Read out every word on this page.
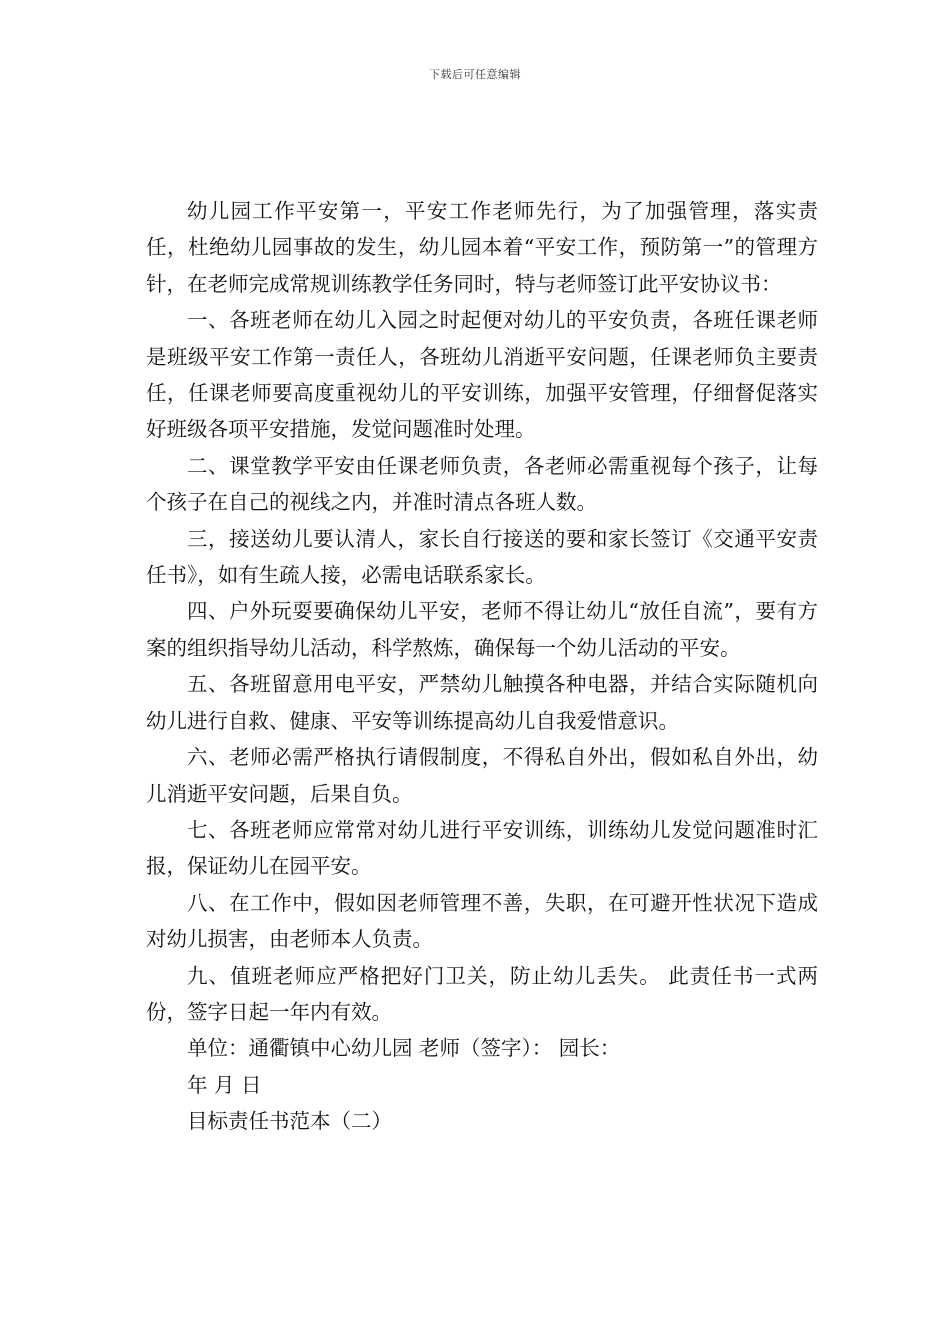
下载后可任意编辑

幼儿园工作平安第一，平安工作老师先行，为了加强管理，落实责任，杜绝幼儿园事故的发生，幼儿园本着“平安工作，预防第一”的管理方针，在老师完成常规训练教学任务同时，特与老师签订此平安协议书：

一、各班老师在幼儿入园之时起便对幼儿的平安负责，各班任课老师是班级平安工作第一责任人，各班幼儿消逝平安问题，任课老师负主要责任，任课老师要高度重视幼儿的平安训练，加强平安管理，仔细督促落实好班级各项平安措施，发觉问题准时处理。

二、课堂教学平安由任课老师负责，各老师必需重视每个孩子，让每个孩子在自己的视线之内，并准时清点各班人数。

三，接送幼儿要认清人，家长自行接送的要和家长签订《交通平安责任书》，如有生疏人接，必需电话联系家长。

四、户外玩耍要确保幼儿平安，老师不得让幼儿“放任自流”，要有方案的组织指导幼儿活动，科学熬炼，确保每一个幼儿活动的平安。

五、各班留意用电平安，严禁幼儿触摸各种电器，并结合实际随机向幼儿进行自救、健康、平安等训练提高幼儿自我爱惜意识。

六、老师必需严格执行请假制度，不得私自外出，假如私自外出，幼儿消逝平安问题，后果自负。

七、各班老师应常常对幼儿进行平安训练，训练幼儿发觉问题准时汇报，保证幼儿在园平安。

八、在工作中，假如因老师管理不善，失职，在可避开性状况下造成对幼儿损害，由老师本人负责。

九、值班老师应严格把好门卫关，防止幼儿丢失。 此责任书一式两份，签字日起一年内有效。

单位：通衢镇中心幼儿园 老师（签字）： 园长：

年 月 日

目标责任书范本（二）
